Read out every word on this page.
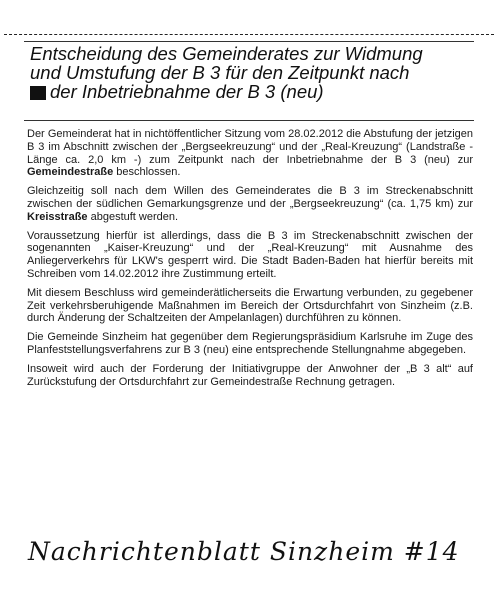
Entscheidung des Gemeinderates zur Widmung
und Umstufung der B 3 für den Zeitpunkt nach
der Inbetriebnahme der B 3 (neu)

Der Gemeinderat hat in nichtöffentlicher Sitzung vom 28.02.2012 die Abstufung der jetzigen B 3 im Abschnitt zwischen der „Bergseekreuzung“ und der „Real-Kreuzung“ (Landstraße - Länge ca. 2,0 km -) zum Zeitpunkt nach der Inbetriebnahme der B 3 (neu) zur Gemeindestraße beschlossen.

Gleichzeitig soll nach dem Willen des Gemeinderates die B 3 im Streckenabschnitt zwischen der südlichen Gemarkungsgrenze und der „Bergseekreuzung“ (ca. 1,75 km) zur Kreisstraße abgestuft werden.

Voraussetzung hierfür ist allerdings, dass die B 3 im Streckenabschnitt zwischen der sogenannten „Kaiser-Kreuzung“ und der „Real-Kreuzung“ mit Ausnahme des Anliegerverkehrs für LKW's gesperrt wird. Die Stadt Baden-Baden hat hierfür bereits mit Schreiben vom 14.02.2012 ihre Zustimmung erteilt.

Mit diesem Beschluss wird gemeinderätlicherseits die Erwartung verbunden, zu gegebener Zeit verkehrsberuhigende Maßnahmen im Bereich der Ortsdurchfahrt von Sinzheim (z.B. durch Änderung der Schaltzeiten der Ampelanlagen) durchführen zu können.

Die Gemeinde Sinzheim hat gegenüber dem Regierungspräsidium Karlsruhe im Zuge des Planfeststellungsverfahrens zur B 3 (neu) eine entsprechende Stellungnahme abgegeben.

Insoweit wird auch der Forderung der Initiativgruppe der Anwohner der „B 3 alt“ auf Zurückstufung der Ortsdurchfahrt zur Gemeindestraße Rechnung getragen.

Nachrichtenblatt Sinzheim #14
